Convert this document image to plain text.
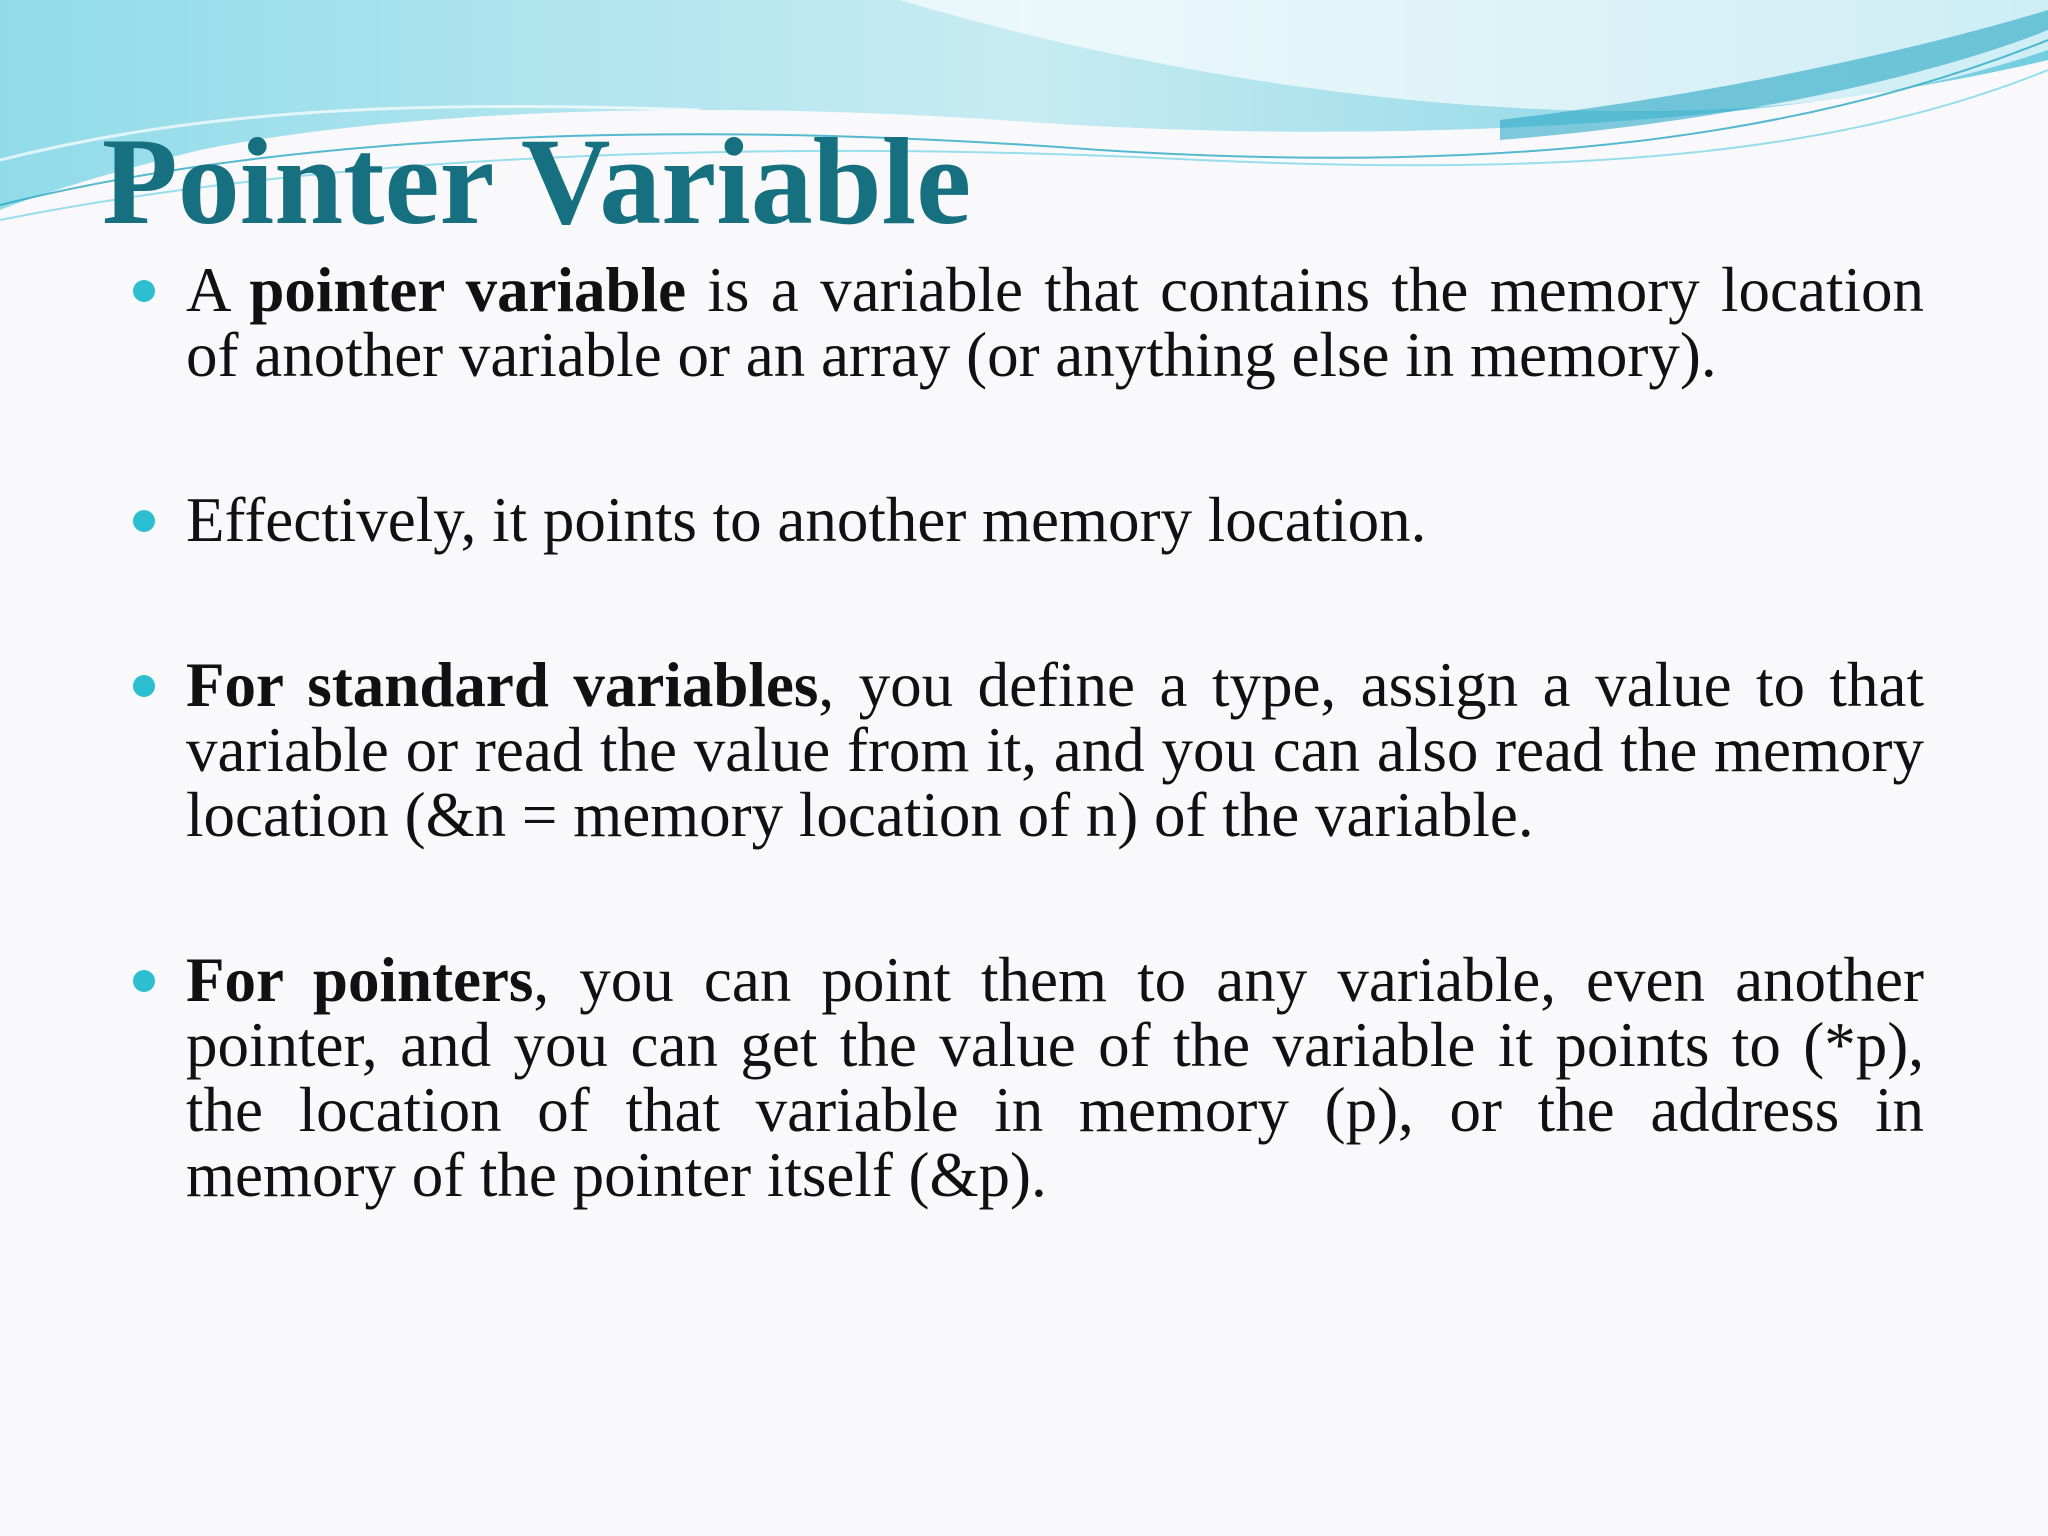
Pointer Variable
A pointer variable is a variable that contains the memory location of another variable or an array (or anything else in memory).
Effectively, it points to another memory location.
For standard variables, you define a type, assign a value to that variable or read the value from it, and you can also read the memory location (&n = memory location of n) of the variable.
For pointers, you can point them to any variable, even another pointer, and you can get the value of the variable it points to (*p), the location of that variable in memory (p), or the address in memory of the pointer itself (&p).
